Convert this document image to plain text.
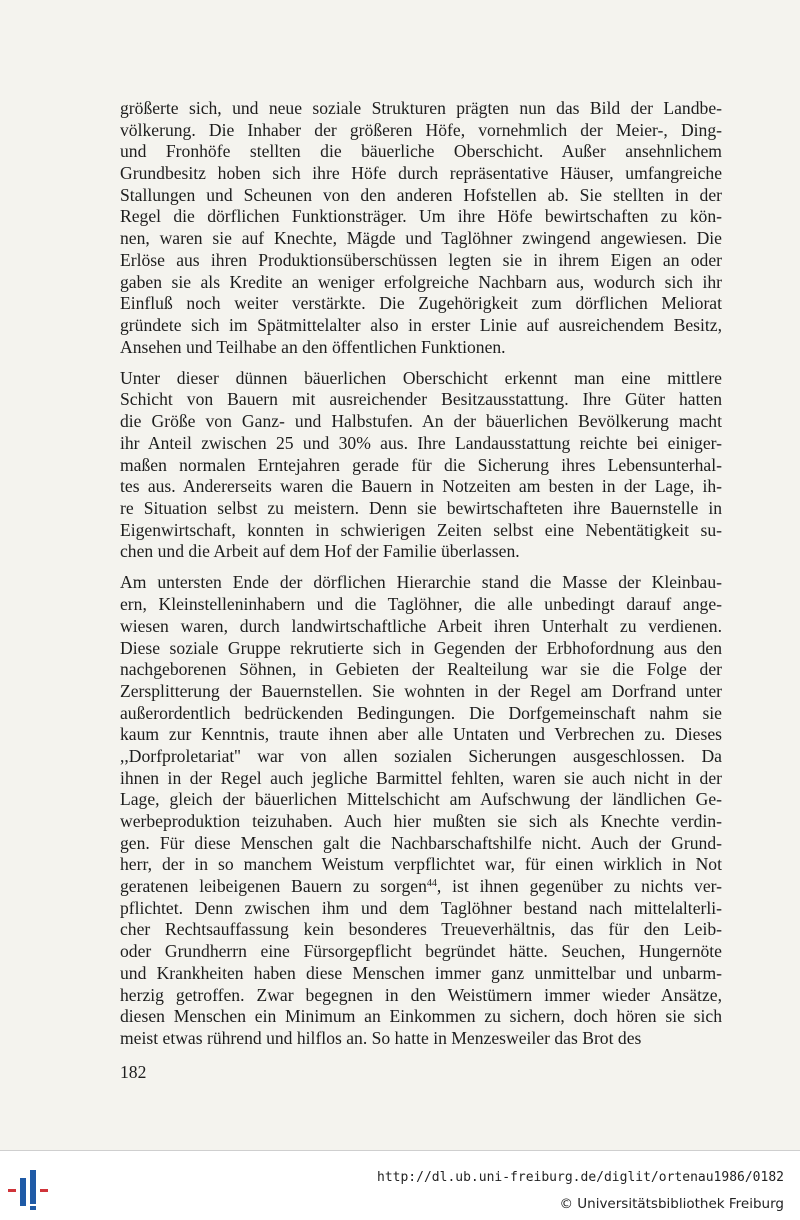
größerte sich, und neue soziale Strukturen prägten nun das Bild der Landbe-
völkerung. Die Inhaber der größeren Höfe, vornehmlich der Meier-, Ding-
und Fronhöfe stellten die bäuerliche Oberschicht. Außer ansehnlichem
Grundbesitz hoben sich ihre Höfe durch repräsentative Häuser, umfangreiche
Stallungen und Scheunen von den anderen Hofstellen ab. Sie stellten in der
Regel die dörflichen Funktionsträger. Um ihre Höfe bewirtschaften zu kön-
nen, waren sie auf Knechte, Mägde und Taglöhner zwingend angewiesen. Die
Erlöse aus ihren Produktionsüberschüssen legten sie in ihrem Eigen an oder
gaben sie als Kredite an weniger erfolgreiche Nachbarn aus, wodurch sich ihr
Einfluß noch weiter verstärkte. Die Zugehörigkeit zum dörflichen Meliorat
gründete sich im Spätmittelalter also in erster Linie auf ausreichendem Besitz,
Ansehen und Teilhabe an den öffentlichen Funktionen.
Unter dieser dünnen bäuerlichen Oberschicht erkennt man eine mittlere
Schicht von Bauern mit ausreichender Besitzausstattung. Ihre Güter hatten
die Größe von Ganz- und Halbstufen. An der bäuerlichen Bevölkerung macht
ihr Anteil zwischen 25 und 30% aus. Ihre Landausstattung reichte bei einiger-
maßen normalen Erntejahren gerade für die Sicherung ihres Lebensunterhal-
tes aus. Andererseits waren die Bauern in Notzeiten am besten in der Lage, ih-
re Situation selbst zu meistern. Denn sie bewirtschafteten ihre Bauernstelle in
Eigenwirtschaft, konnten in schwierigen Zeiten selbst eine Nebentätigkeit su-
chen und die Arbeit auf dem Hof der Familie überlassen.
Am untersten Ende der dörflichen Hierarchie stand die Masse der Kleinbau-
ern, Kleinstelleninhabern und die Taglöhner, die alle unbedingt darauf ange-
wiesen waren, durch landwirtschaftliche Arbeit ihren Unterhalt zu verdienen.
Diese soziale Gruppe rekrutierte sich in Gegenden der Erbhofordnung aus den
nachgeborenen Söhnen, in Gebieten der Realteilung war sie die Folge der
Zersplitterung der Bauernstellen. Sie wohnten in der Regel am Dorfrand unter
außerordentlich bedrückenden Bedingungen. Die Dorfgemeinschaft nahm sie
kaum zur Kenntnis, traute ihnen aber alle Untaten und Verbrechen zu. Dieses
,,Dorfproletariat'' war von allen sozialen Sicherungen ausgeschlossen. Da
ihnen in der Regel auch jegliche Barmittel fehlten, waren sie auch nicht in der
Lage, gleich der bäuerlichen Mittelschicht am Aufschwung der ländlichen Ge-
werbeproduktion teizuhaben. Auch hier mußten sie sich als Knechte verdin-
gen. Für diese Menschen galt die Nachbarschaftshilfe nicht. Auch der Grund-
herr, der in so manchem Weistum verpflichtet war, für einen wirklich in Not
geratenen leibeigenen Bauern zu sorgen$^{44}$, ist ihnen gegenüber zu nichts ver-
pflichtet. Denn zwischen ihm und dem Taglöhner bestand nach mittelalterli-
cher Rechtsauffassung kein besonderes Treueverhältnis, das für den Leib-
oder Grundherrn eine Fürsorgepflicht begründet hätte. Seuchen, Hungernöte
und Krankheiten haben diese Menschen immer ganz unmittelbar und unbarm-
herzig getroffen. Zwar begegnen in den Weistümern immer wieder Ansätze,
diesen Menschen ein Minimum an Einkommen zu sichern, doch hören sie sich
meist etwas rührend und hilflos an. So hatte in Menzesweiler das Brot des
182
http://dl.ub.uni-freiburg.de/diglit/ortenau1986/0182
© Universitätsbibliothek Freiburg
